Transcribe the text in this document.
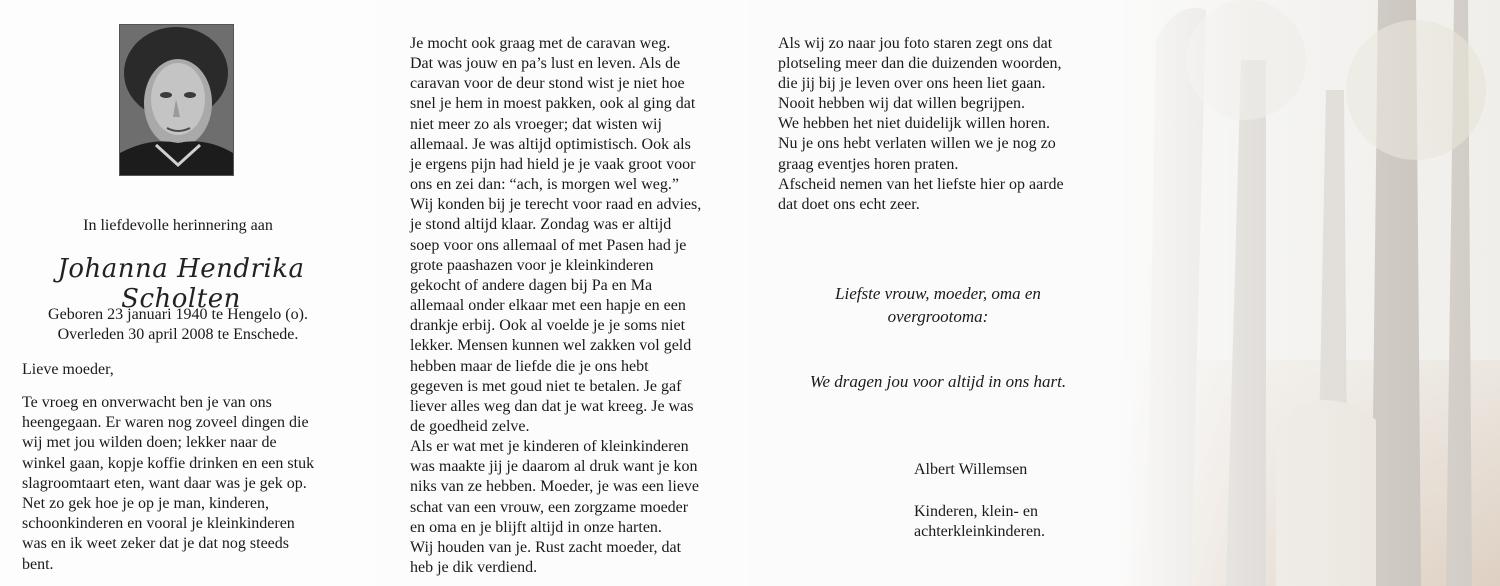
In liefdevolle herinnering aan
Johanna Hendrika Scholten
Geboren 23 januari 1940 te Hengelo (o).
Overleden 30 april 2008 te Enschede.
Lieve moeder,
Te vroeg en onverwacht ben je van ons
heengegaan. Er waren nog zoveel dingen die
wij met jou wilden doen; lekker naar de
winkel gaan, kopje koffie drinken en een stuk
slagroomtaart eten, want daar was je gek op.
Net zo gek hoe je op je man, kinderen,
schoonkinderen en vooral je kleinkinderen
was en ik weet zeker dat je dat nog steeds
bent.
Je mocht ook graag met de caravan weg.
Dat was jouw en pa’s lust en leven. Als de
caravan voor de deur stond wist je niet hoe
snel je hem in moest pakken, ook al ging dat
niet meer zo als vroeger; dat wisten wij
allemaal. Je was altijd optimistisch. Ook als
je ergens pijn had hield je je vaak groot voor
ons en zei dan: “ach, is morgen wel weg.”
Wij konden bij je terecht voor raad en advies,
je stond altijd klaar. Zondag was er altijd
soep voor ons allemaal of met Pasen had je
grote paashazen voor je kleinkinderen
gekocht of andere dagen bij Pa en Ma
allemaal onder elkaar met een hapje en een
drankje erbij. Ook al voelde je je soms niet
lekker. Mensen kunnen wel zakken vol geld
hebben maar de liefde die je ons hebt
gegeven is met goud niet te betalen. Je gaf
liever alles weg dan dat je wat kreeg. Je was
de goedheid zelve.
Als er wat met je kinderen of kleinkinderen
was maakte jij je daarom al druk want je kon
niks van ze hebben. Moeder, je was een lieve
schat van een vrouw, een zorgzame moeder
en oma en je blijft altijd in onze harten.
Wij houden van je. Rust zacht moeder, dat
heb je dik verdiend.
Als wij zo naar jou foto staren zegt ons dat
plotseling meer dan die duizenden woorden,
die jij bij je leven over ons heen liet gaan.
Nooit hebben wij dat willen begrijpen.
We hebben het niet duidelijk willen horen.
Nu je ons hebt verlaten willen we je nog zo
graag eventjes horen praten.
Afscheid nemen van het liefste hier op aarde
dat doet ons echt zeer.
Liefste vrouw, moeder, oma en
overgrootoma:
We dragen jou voor altijd in ons hart.
Albert Willemsen
Kinderen, klein- en
achterkleinkinderen.
